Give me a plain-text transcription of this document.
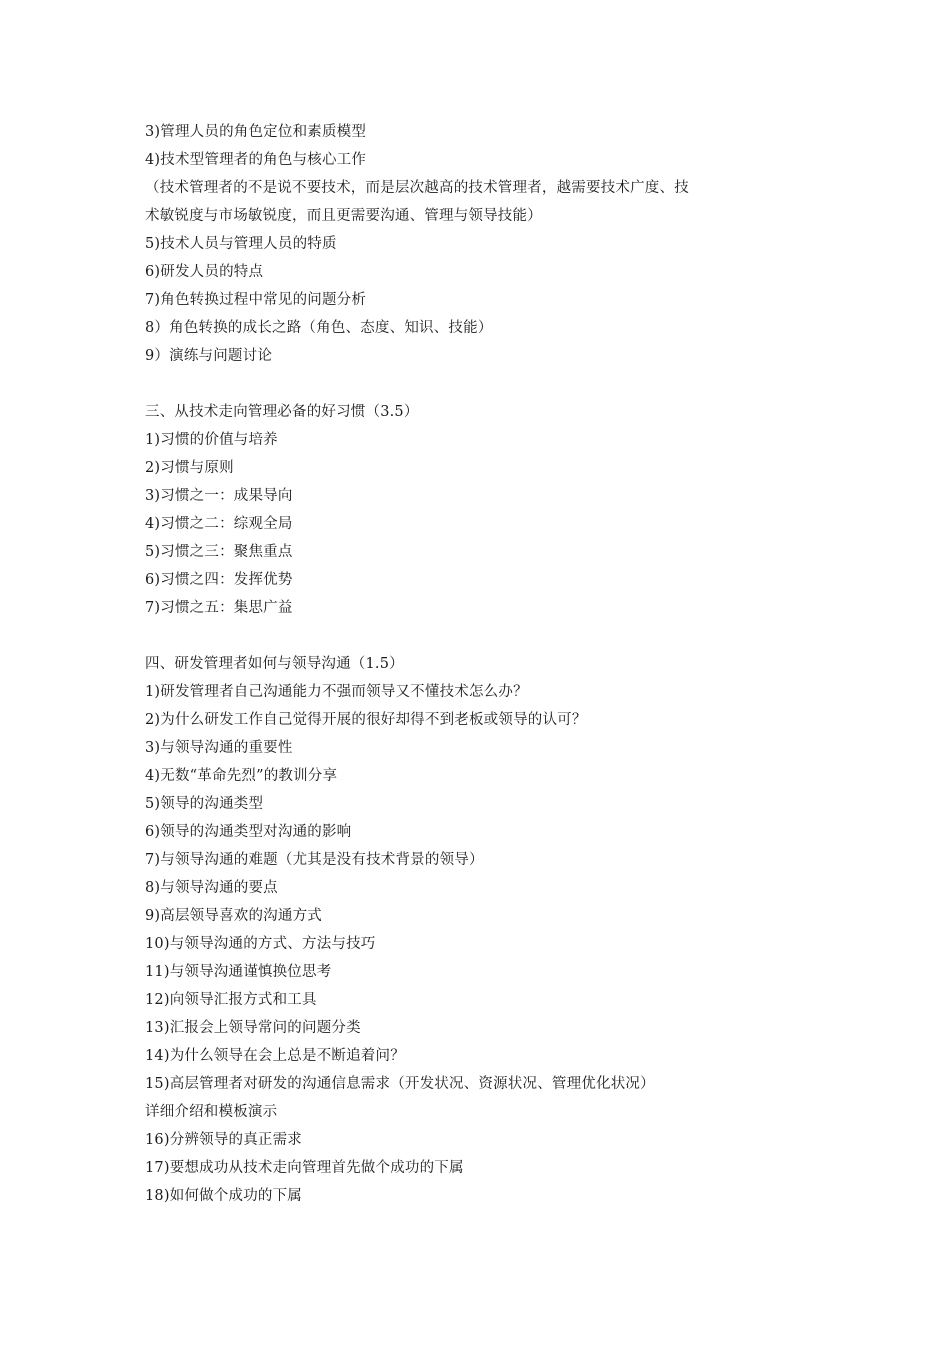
3)管理人员的角色定位和素质模型
4)技术型管理者的角色与核心工作
（技术管理者的不是说不要技术，而是层次越高的技术管理者，越需要技术广度、技
术敏锐度与市场敏锐度，而且更需要沟通、管理与领导技能）
5)技术人员与管理人员的特质
6)研发人员的特点
7)角色转换过程中常见的问题分析
8）角色转换的成长之路（角色、态度、知识、技能）
9）演练与问题讨论
三、从技术走向管理必备的好习惯（3.5）
1)习惯的价值与培养
2)习惯与原则
3)习惯之一：成果导向
4)习惯之二：综观全局
5)习惯之三：聚焦重点
6)习惯之四：发挥优势
7)习惯之五：集思广益
四、研发管理者如何与领导沟通（1.5）
1)研发管理者自己沟通能力不强而领导又不懂技术怎么办？
2)为什么研发工作自己觉得开展的很好却得不到老板或领导的认可？
3)与领导沟通的重要性
4)无数“革命先烈”的教训分享
5)领导的沟通类型
6)领导的沟通类型对沟通的影响
7)与领导沟通的难题（尤其是没有技术背景的领导）
8)与领导沟通的要点
9)高层领导喜欢的沟通方式
10)与领导沟通的方式、方法与技巧
11)与领导沟通谨慎换位思考
12)向领导汇报方式和工具
13)汇报会上领导常问的问题分类
14)为什么领导在会上总是不断追着问？
15)高层管理者对研发的沟通信息需求（开发状况、资源状况、管理优化状况）
详细介绍和模板演示
16)分辨领导的真正需求
17)要想成功从技术走向管理首先做个成功的下属
18)如何做个成功的下属
